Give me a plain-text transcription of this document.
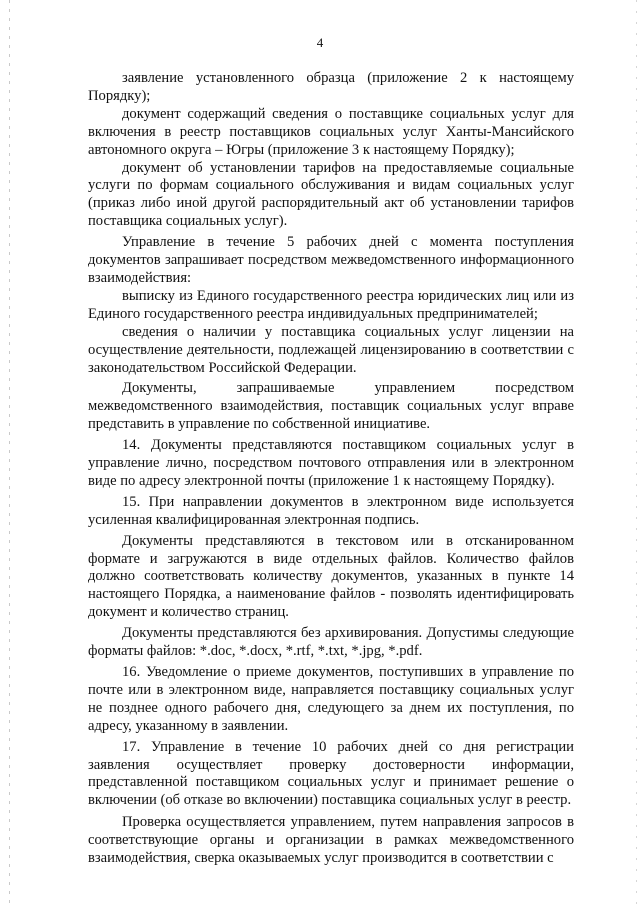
4

заявление установленного образца (приложение 2 к настоящему Порядку);

документ содержащий сведения о поставщике социальных услуг для включения в реестр поставщиков социальных услуг Ханты-Мансийского автономного округа – Югры (приложение 3 к настоящему Порядку);

документ об установлении тарифов на предоставляемые социальные услуги по формам социального обслуживания и видам социальных услуг (приказ либо иной другой распорядительный акт об установлении тарифов поставщика социальных услуг).

Управление в течение 5 рабочих дней с момента поступления документов запрашивает посредством межведомственного информационного взаимодействия:

выписку из Единого государственного реестра юридических лиц или из Единого государственного реестра индивидуальных предпринимателей;

сведения о наличии у поставщика социальных услуг лицензии на осуществление деятельности, подлежащей лицензированию в соответствии с законодательством Российской Федерации.

Документы, запрашиваемые управлением посредством межведомственного взаимодействия, поставщик социальных услуг вправе представить в управление по собственной инициативе.

14. Документы представляются поставщиком социальных услуг в управление лично, посредством почтового отправления или в электронном виде по адресу электронной почты (приложение 1 к настоящему Порядку).

15. При направлении документов в электронном виде используется усиленная квалифицированная электронная подпись.

Документы представляются в текстовом или в отсканированном формате и загружаются в виде отдельных файлов. Количество файлов должно соответствовать количеству документов, указанных в пункте 14 настоящего Порядка, а наименование файлов - позволять идентифицировать документ и количество страниц.

Документы представляются без архивирования. Допустимы следующие форматы файлов: *.doc, *.docx, *.rtf, *.txt, *.jpg, *.pdf.

16. Уведомление о приеме документов, поступивших в управление по почте или в электронном виде, направляется поставщику социальных услуг не позднее одного рабочего дня, следующего за днем их поступления, по адресу, указанному в заявлении.

17. Управление в течение 10 рабочих дней со дня регистрации заявления осуществляет проверку достоверности информации, представленной поставщиком социальных услуг и принимает решение о включении (об отказе во включении) поставщика социальных услуг в реестр.

Проверка осуществляется управлением, путем направления запросов в соответствующие органы и организации в рамках межведомственного взаимодействия, сверка оказываемых услуг производится в соответствии с
